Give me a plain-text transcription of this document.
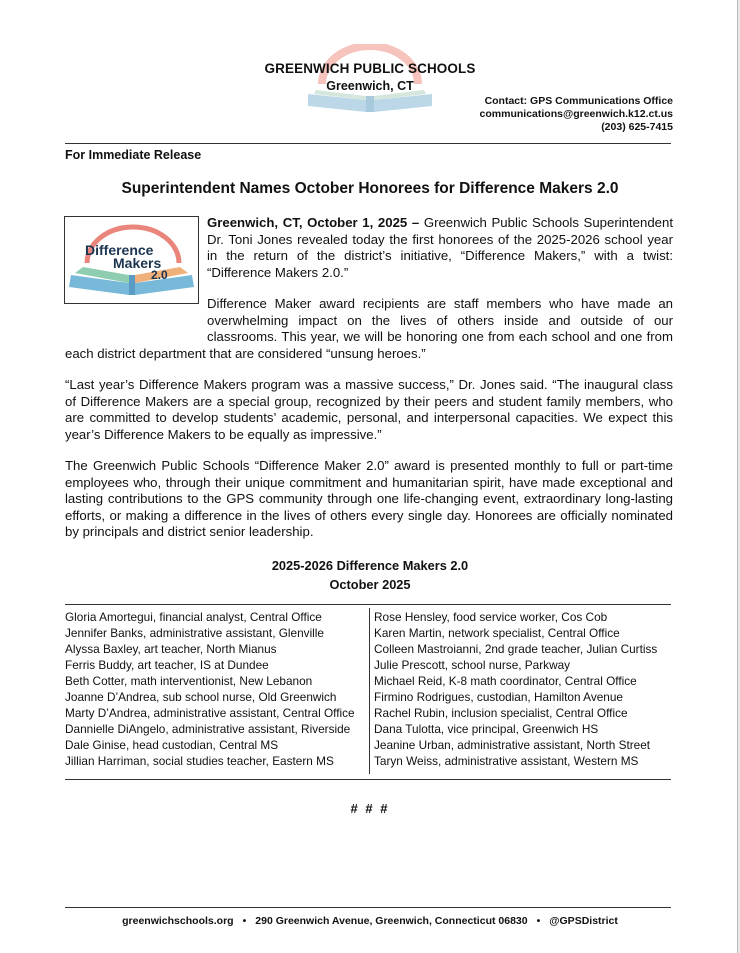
GREENWICH PUBLIC SCHOOLS
Greenwich, CT
Contact: GPS Communications Office
communications@greenwich.k12.ct.us
(203) 625-7415
For Immediate Release
Superintendent Names October Honorees for Difference Makers 2.0
Difference
Makers
2.0
Greenwich, CT, October 1, 2025 – Greenwich Public Schools Superintendent Dr. Toni Jones revealed today the first honorees of the 2025-2026 school year in the return of the district’s initiative, “Difference Makers,” with a twist: “Difference Makers 2.0.”
Difference Maker award recipients are staff members who have made an overwhelming impact on the lives of others inside and outside of our classrooms. This year, we will be honoring one from each school and one from each district department that are considered “unsung heroes.”
“Last year’s Difference Makers program was a massive success,” Dr. Jones said. “The inaugural class of Difference Makers are a special group, recognized by their peers and student family members, who are committed to develop students’ academic, personal, and interpersonal capacities. We expect this year’s Difference Makers to be equally as impressive.”
The Greenwich Public Schools “Difference Maker 2.0” award is presented monthly to full or part-time employees who, through their unique commitment and humanitarian spirit, have made exceptional and lasting contributions to the GPS community through one life-changing event, extraordinary long-lasting efforts, or making a difference in the lives of others every single day. Honorees are officially nominated by principals and district senior leadership.
2025-2026 Difference Makers 2.0
October 2025
Gloria Amortegui, financial analyst, Central Office
Jennifer Banks, administrative assistant, Glenville
Alyssa Baxley, art teacher, North Mianus
Ferris Buddy, art teacher, IS at Dundee
Beth Cotter, math interventionist, New Lebanon
Joanne D’Andrea, sub school nurse, Old Greenwich
Marty D’Andrea, administrative assistant, Central Office
Dannielle DiAngelo, administrative assistant, Riverside
Dale Ginise, head custodian, Central MS
Jillian Harriman, social studies teacher, Eastern MS
Rose Hensley, food service worker, Cos Cob
Karen Martin, network specialist, Central Office
Colleen Mastroianni, 2nd grade teacher, Julian Curtiss
Julie Prescott, school nurse, Parkway
Michael Reid, K-8 math coordinator, Central Office
Firmino Rodrigues, custodian, Hamilton Avenue
Rachel Rubin, inclusion specialist, Central Office
Dana Tulotta, vice principal, Greenwich HS
Jeanine Urban, administrative assistant, North Street
Taryn Weiss, administrative assistant, Western MS
# # #
greenwichschools.org • 290 Greenwich Avenue, Greenwich, Connecticut 06830 • @GPSDistrict
